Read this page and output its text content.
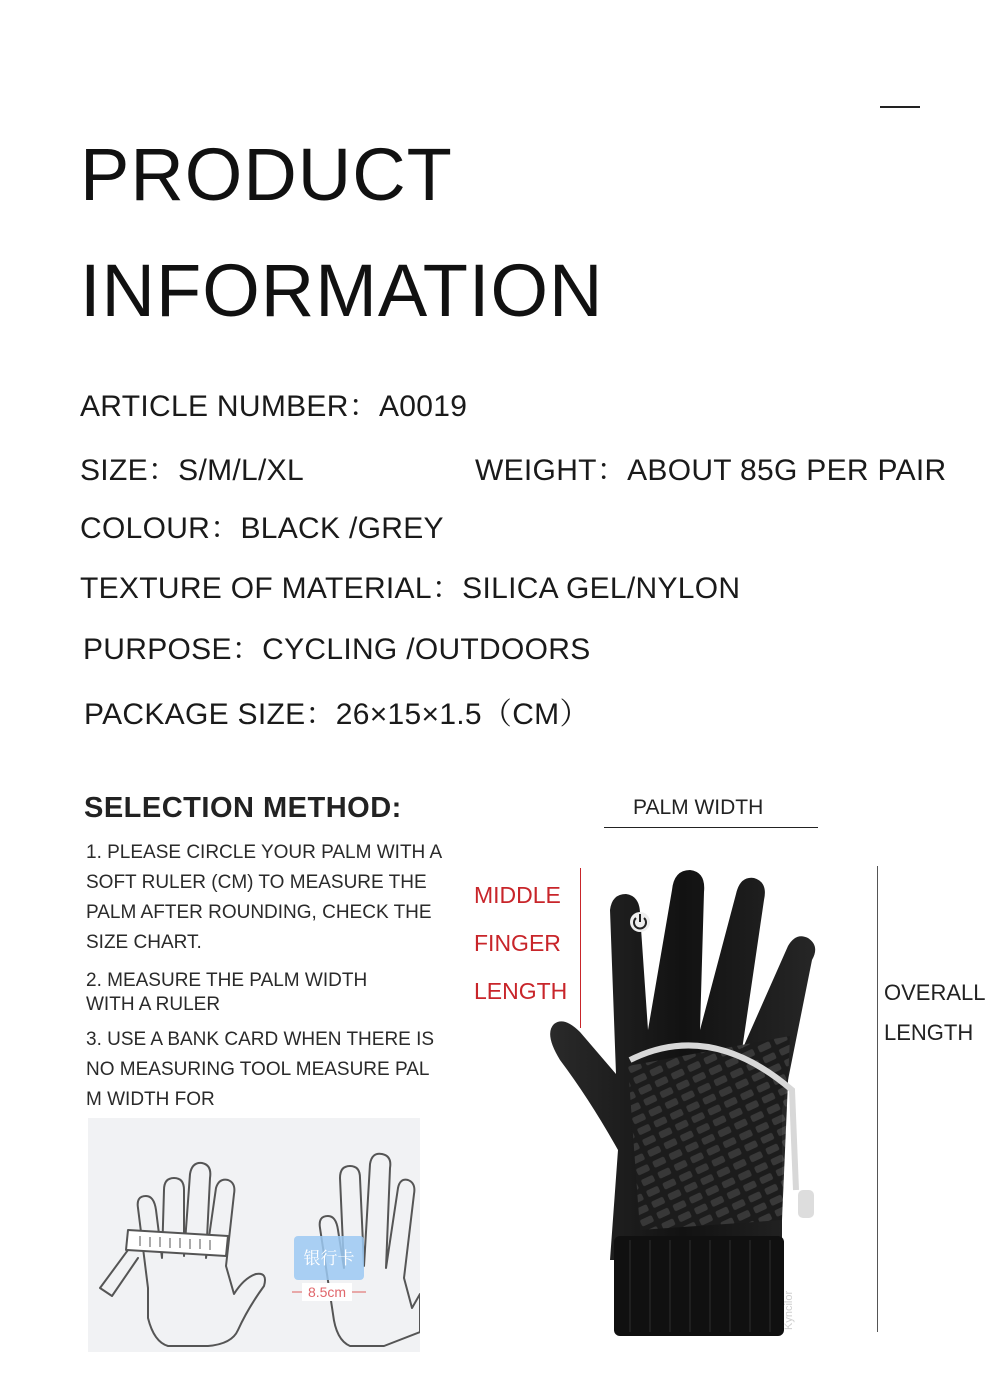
PRODUCT
INFORMATION
ARTICLE NUMBER：A0019
SIZE：S/M/L/XL	WEIGHT：ABOUT 85G PER PAIR
COLOUR：BLACK /GREY
TEXTURE OF MATERIAL：SILICA GEL/NYLON
PURPOSE：CYCLING /OUTDOORS
PACKAGE SIZE：26×15×1.5（CM）
SELECTION METHOD:
1. PLEASE CIRCLE YOUR PALM WITH A
SOFT RULER (CM) TO MEASURE THE
PALM AFTER ROUNDING, CHECK THE
SIZE CHART.
2. MEASURE THE PALM WIDTH
WITH A RULER
3. USE A BANK CARD WHEN THERE IS
NO MEASURING TOOL MEASURE PAL
M WIDTH FOR
银行卡
8.5cm
PALM WIDTH
MIDDLE
FINGER
LENGTH	OVERALL
LENGTH
Kyncilor
